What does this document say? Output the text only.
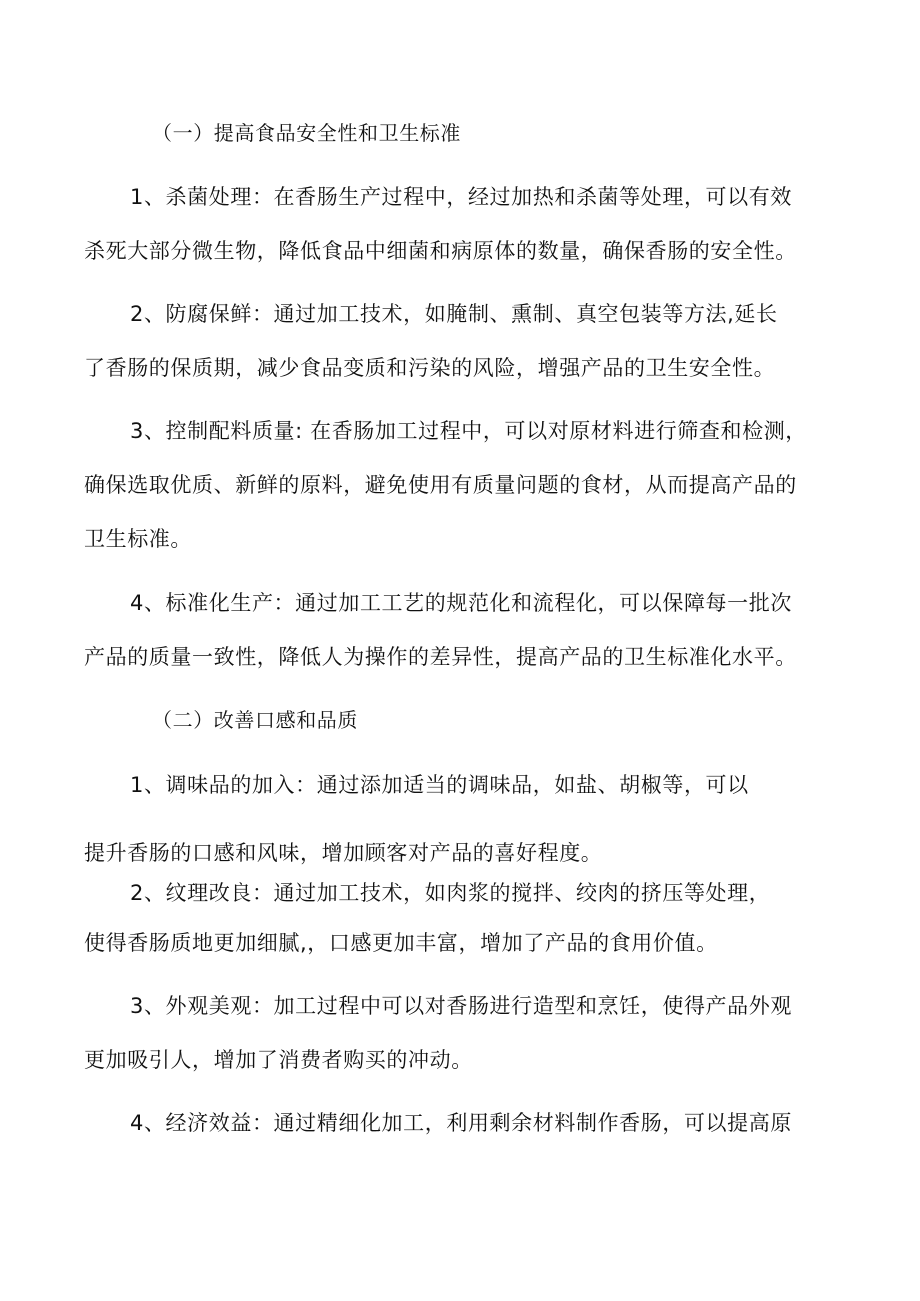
（一）提高食品安全性和卫生标准
1、杀菌处理：在香肠生产过程中，经过加热和杀菌等处理，可以有效
杀死大部分微生物，降低食品中细菌和病原体的数量，确保香肠的安全性。
2、防腐保鲜：通过加工技术，如腌制、熏制、真空包装等方法,延长
了香肠的保质期，减少食品变质和污染的风险，增强产品的卫生安全性。
3、控制配料质量: 在香肠加工过程中，可以对原材料进行筛查和检测，
确保选取优质、新鲜的原料，避免使用有质量问题的食材，从而提高产品的
卫生标准。
4、标准化生产：通过加工工艺的规范化和流程化，可以保障每一批次
产品的质量一致性，降低人为操作的差异性，提高产品的卫生标准化水平。
（二）改善口感和品质
1、调味品的加入：通过添加适当的调味品，如盐、胡椒等，可以
提升香肠的口感和风味，增加顾客对产品的喜好程度。
2、纹理改良：通过加工技术，如肉浆的搅拌、绞肉的挤压等处理，
使得香肠质地更加细腻,，口感更加丰富，增加了产品的食用价值。
3、外观美观：加工过程中可以对香肠进行造型和烹饪，使得产品外观
更加吸引人，增加了消费者购买的冲动。
4、经济效益：通过精细化加工，利用剩余材料制作香肠，可以提高原
